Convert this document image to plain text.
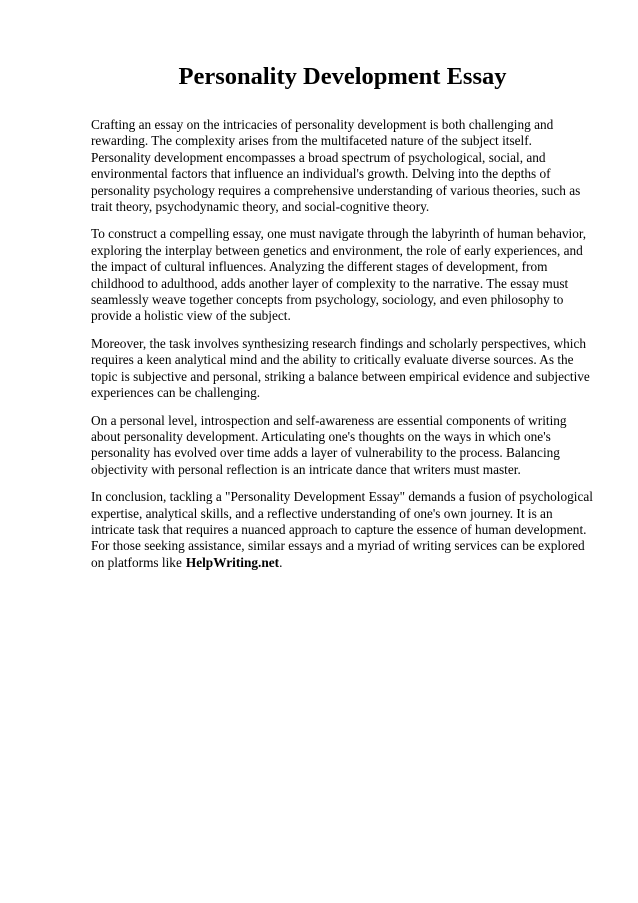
Personality Development Essay

Crafting an essay on the intricacies of personality development is both challenging and rewarding. The complexity arises from the multifaceted nature of the subject itself. Personality development encompasses a broad spectrum of psychological, social, and environmental factors that influence an individual's growth. Delving into the depths of personality psychology requires a comprehensive understanding of various theories, such as trait theory, psychodynamic theory, and social-cognitive theory.

To construct a compelling essay, one must navigate through the labyrinth of human behavior, exploring the interplay between genetics and environment, the role of early experiences, and the impact of cultural influences. Analyzing the different stages of development, from childhood to adulthood, adds another layer of complexity to the narrative. The essay must seamlessly weave together concepts from psychology, sociology, and even philosophy to provide a holistic view of the subject.

Moreover, the task involves synthesizing research findings and scholarly perspectives, which requires a keen analytical mind and the ability to critically evaluate diverse sources. As the topic is subjective and personal, striking a balance between empirical evidence and subjective experiences can be challenging.

On a personal level, introspection and self-awareness are essential components of writing about personality development. Articulating one's thoughts on the ways in which one's personality has evolved over time adds a layer of vulnerability to the process. Balancing objectivity with personal reflection is an intricate dance that writers must master.

In conclusion, tackling a "Personality Development Essay" demands a fusion of psychological expertise, analytical skills, and a reflective understanding of one's own journey. It is an intricate task that requires a nuanced approach to capture the essence of human development. For those seeking assistance, similar essays and a myriad of writing services can be explored on platforms like HelpWriting.net.
